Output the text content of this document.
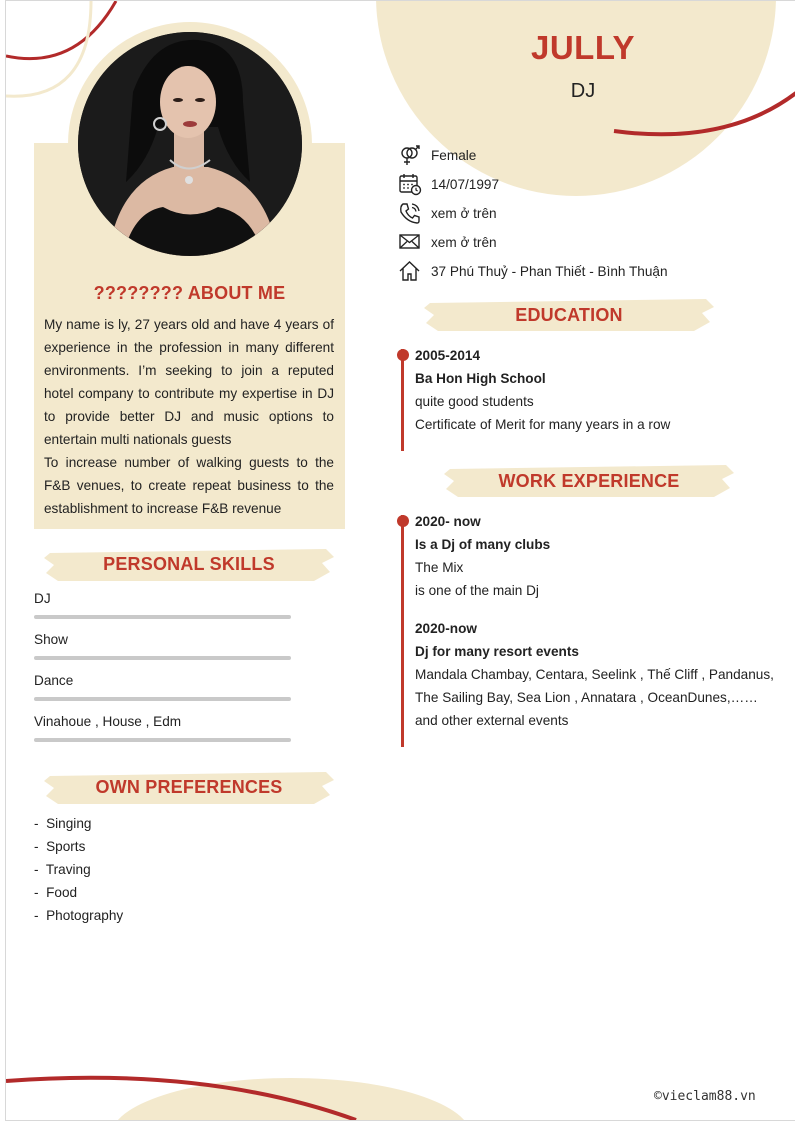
???????? ABOUT ME

My name is ly, 27 years old and have 4 years of experience in the profession in many different environments. I’m seeking to join a reputed hotel company to contribute my expertise in DJ to provide better DJ and music options to entertain multi nationals guests

To increase number of walking guests to the F&B venues, to create repeat business to the establishment to increase F&B revenue

PERSONAL SKILLS
DJ
Show
Dance
Vinahoue , House , Edm
OWN PREFERENCES
-  Singing
-  Sports
-  Traving
-  Food
-  Photography
JULLY
DJ
Female
14/07/1997
xem ở trên
xem ở trên
37 Phú Thuỷ - Phan Thiết - Bình Thuận
EDUCATION
2005-2014
Ba Hon High School
quite good students
Certificate of Merit for many years in a row
WORK EXPERIENCE
2020- now
Is a Dj of many clubs
The Mix
is one of the main Dj
2020-now
Dj for many resort events
Mandala Chambay, Centara, Seelink , Thế Cliff , Pandanus,
The Sailing Bay, Sea Lion , Annatara , OceanDunes,……
and other external events
©vieclam88.vn
